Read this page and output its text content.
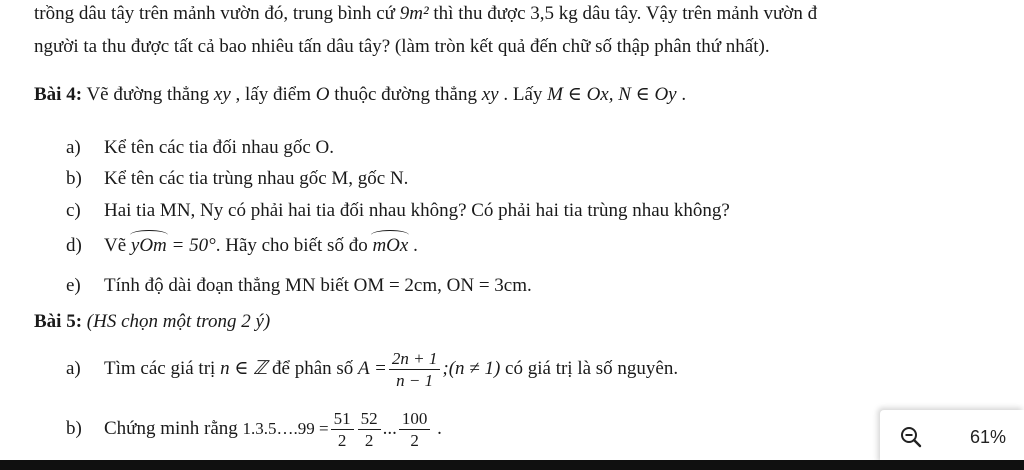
trồng dâu tây trên mảnh vườn đó, trung bình cứ 9m² thì thu được 3,5 kg dâu tây. Vậy trên mảnh vườn đ
người ta thu được tất cả bao nhiêu tấn dâu tây? (làm tròn kết quả đến chữ số thập phân thứ nhất).
Bài 4: Vẽ đường thẳng xy , lấy điểm O thuộc đường thẳng xy . Lấy M ∈ Ox, N ∈ Oy .
a) Kể tên các tia đối nhau gốc O.
b) Kể tên các tia trùng nhau gốc M, gốc N.
c) Hai tia MN, Ny có phải hai tia đối nhau không? Có phải hai tia trùng nhau không?
d) Vẽ yOm = 50°. Hãy cho biết số đo mOx .
e) Tính độ dài đoạn thẳng MN biết OM = 2cm, ON = 3cm.
Bài 5: (HS chọn một trong 2 ý)
a) Tìm các giá trị n ∈ ℤ để phân số $A = \frac{2n + 1}{n - 1}$ ;(n ≠ 1) có giá trị là số nguyên.
b) Chứng minh rằng 1.3.5….99 = $\frac{51}{2} \frac{52}{2}$ ... $\frac{100}{2}$ .	61%
